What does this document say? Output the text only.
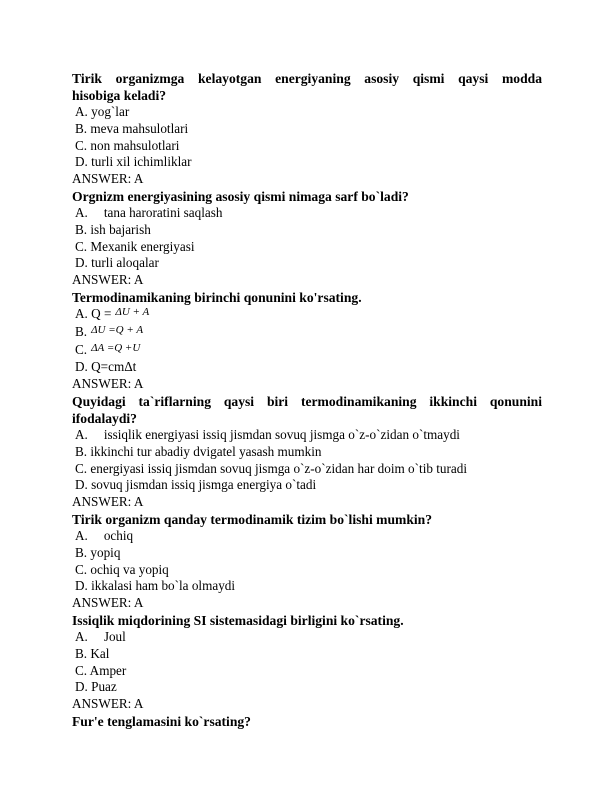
Tirik organizmga kelayotgan energiyaning asosiy qismi qaysi modda
hisobiga keladi?
A. yog`lar
B. meva mahsulotlari
C. non mahsulotlari
D. turli xil ichimliklar
ANSWER: A
Orgnizm energiyasining asosiy qismi nimaga sarf bo`ladi?
A. tana haroratini saqlash
B. ish bajarish
C. Mexanik energiyasi
D. turli aloqalar
ANSWER: A
Termodinamikaning birinchi qonunini ko'rsating.
A. Q = $^{\Delta U + A}$
B. $^{\Delta U =Q + A}$
C. $^{\Delta A =Q +U}$
D. Q=cmΔt
ANSWER: A
Quyidagi ta`riflarning qaysi biri termodinamikaning ikkinchi qonunini
ifodalaydi?
A. issiqlik energiyasi issiq jismdan sovuq jismga o`z-o`zidan o`tmaydi
B. ikkinchi tur abadiy dvigatel yasash mumkin
C. energiyasi issiq jismdan sovuq jismga o`z-o`zidan har doim o`tib turadi
D. sovuq jismdan issiq jismga energiya o`tadi
ANSWER: A
Tirik organizm qanday termodinamik tizim bo`lishi mumkin?
A. ochiq
B. yopiq
C. ochiq va yopiq
D. ikkalasi ham bo`la olmaydi
ANSWER: A
Issiqlik miqdorining SI sistemasidagi birligini ko`rsating.
A. Joul
B. Kal
C. Amper
D. Puaz
ANSWER: A
Fur'e tenglamasini ko`rsating?
